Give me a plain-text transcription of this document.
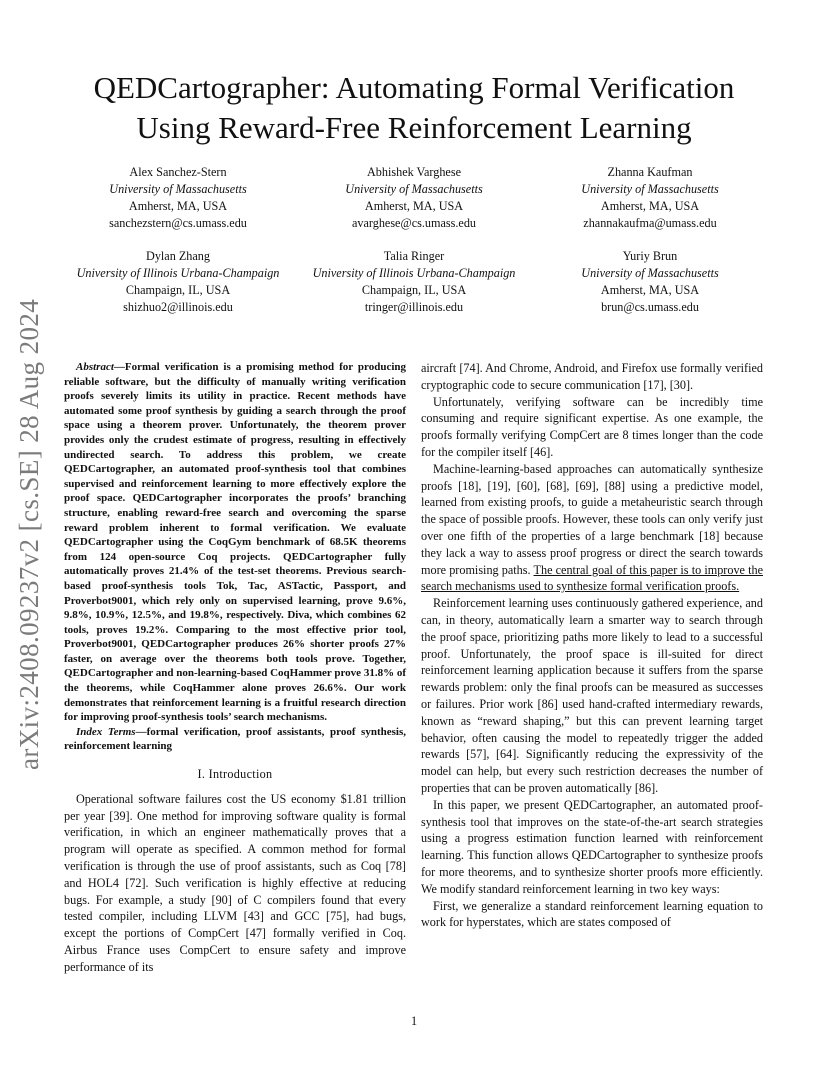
arXiv:2408.09237v2 [cs.SE] 28 Aug 2024
QEDCartographer: Automating Formal Verification
Using Reward-Free Reinforcement Learning
Alex Sanchez-Stern
University of Massachusetts
Amherst, MA, USA
sanchezstern@cs.umass.edu
Abhishek Varghese
University of Massachusetts
Amherst, MA, USA
avarghese@cs.umass.edu
Zhanna Kaufman
University of Massachusetts
Amherst, MA, USA
zhannakaufma@umass.edu
Dylan Zhang
University of Illinois Urbana-Champaign
Champaign, IL, USA
shizhuo2@illinois.edu
Talia Ringer
University of Illinois Urbana-Champaign
Champaign, IL, USA
tringer@illinois.edu
Yuriy Brun
University of Massachusetts
Amherst, MA, USA
brun@cs.umass.edu

Abstract—Formal verification is a promising method for producing reliable software, but the difficulty of manually writing verification proofs severely limits its utility in practice. Recent methods have automated some proof synthesis by guiding a search through the proof space using a theorem prover. Unfortunately, the theorem prover provides only the crudest estimate of progress, resulting in effectively undirected search. To address this problem, we create QEDCartographer, an automated proof-synthesis tool that combines supervised and reinforcement learning to more effectively explore the proof space. QEDCartographer incorporates the proofs’ branching structure, enabling reward-free search and overcoming the sparse reward problem inherent to formal verification. We evaluate QEDCartographer using the CoqGym benchmark of 68.5K theorems from 124 open-source Coq projects. QEDCartographer fully automatically proves 21.4% of the test-set theorems. Previous search-based proof-synthesis tools Tok, Tac, ASTactic, Passport, and Proverbot9001, which rely only on supervised learning, prove 9.6%, 9.8%, 10.9%, 12.5%, and 19.8%, respectively. Diva, which combines 62 tools, proves 19.2%. Comparing to the most effective prior tool, Proverbot9001, QEDCartographer produces 26% shorter proofs 27% faster, on average over the theorems both tools prove. Together, QEDCartographer and non-learning-based CoqHammer prove 31.8% of the theorems, while CoqHammer alone proves 26.6%. Our work demonstrates that reinforcement learning is a fruitful research direction for improving proof-synthesis tools’ search mechanisms.

Index Terms—formal verification, proof assistants, proof synthesis, reinforcement learning

I. Introduction

Operational software failures cost the US economy $1.81 trillion per year [39]. One method for improving software quality is formal verification, in which an engineer mathematically proves that a program will operate as specified. A common method for formal verification is through the use of proof assistants, such as Coq [78] and HOL4 [72]. Such verification is highly effective at reducing bugs. For example, a study [90] of C compilers found that every tested compiler, including LLVM [43] and GCC [75], had bugs, except the portions of CompCert [47] formally verified in Coq. Airbus France uses CompCert to ensure safety and improve performance of its

aircraft [74]. And Chrome, Android, and Firefox use formally verified cryptographic code to secure communication [17], [30].

Unfortunately, verifying software can be incredibly time consuming and require significant expertise. As one example, the proofs formally verifying CompCert are 8 times longer than the code for the compiler itself [46].

Machine-learning-based approaches can automatically synthesize proofs [18], [19], [60], [68], [69], [88] using a predictive model, learned from existing proofs, to guide a metaheuristic search through the space of possible proofs. However, these tools can only verify just over one fifth of the properties of a large benchmark [18] because they lack a way to assess proof progress or direct the search towards more promising paths. The central goal of this paper is to improve the search mechanisms used to synthesize formal verification proofs.

Reinforcement learning uses continuously gathered experience, and can, in theory, automatically learn a smarter way to search through the proof space, prioritizing paths more likely to lead to a successful proof. Unfortunately, the proof space is ill-suited for direct reinforcement learning application because it suffers from the sparse rewards problem: only the final proofs can be measured as successes or failures. Prior work [86] used hand-crafted intermediary rewards, known as “reward shaping,” but this can prevent learning target behavior, often causing the model to repeatedly trigger the added rewards [57], [64]. Significantly reducing the expressivity of the model can help, but every such restriction decreases the number of properties that can be proven automatically [86].

In this paper, we present QEDCartographer, an automated proof-synthesis tool that improves on the state-of-the-art search strategies using a progress estimation function learned with reinforcement learning. This function allows QEDCartographer to synthesize proofs for more theorems, and to synthesize shorter proofs more efficiently. We modify standard reinforcement learning in two key ways:

First, we generalize a standard reinforcement learning equation to work for hyperstates, which are states composed of

1
